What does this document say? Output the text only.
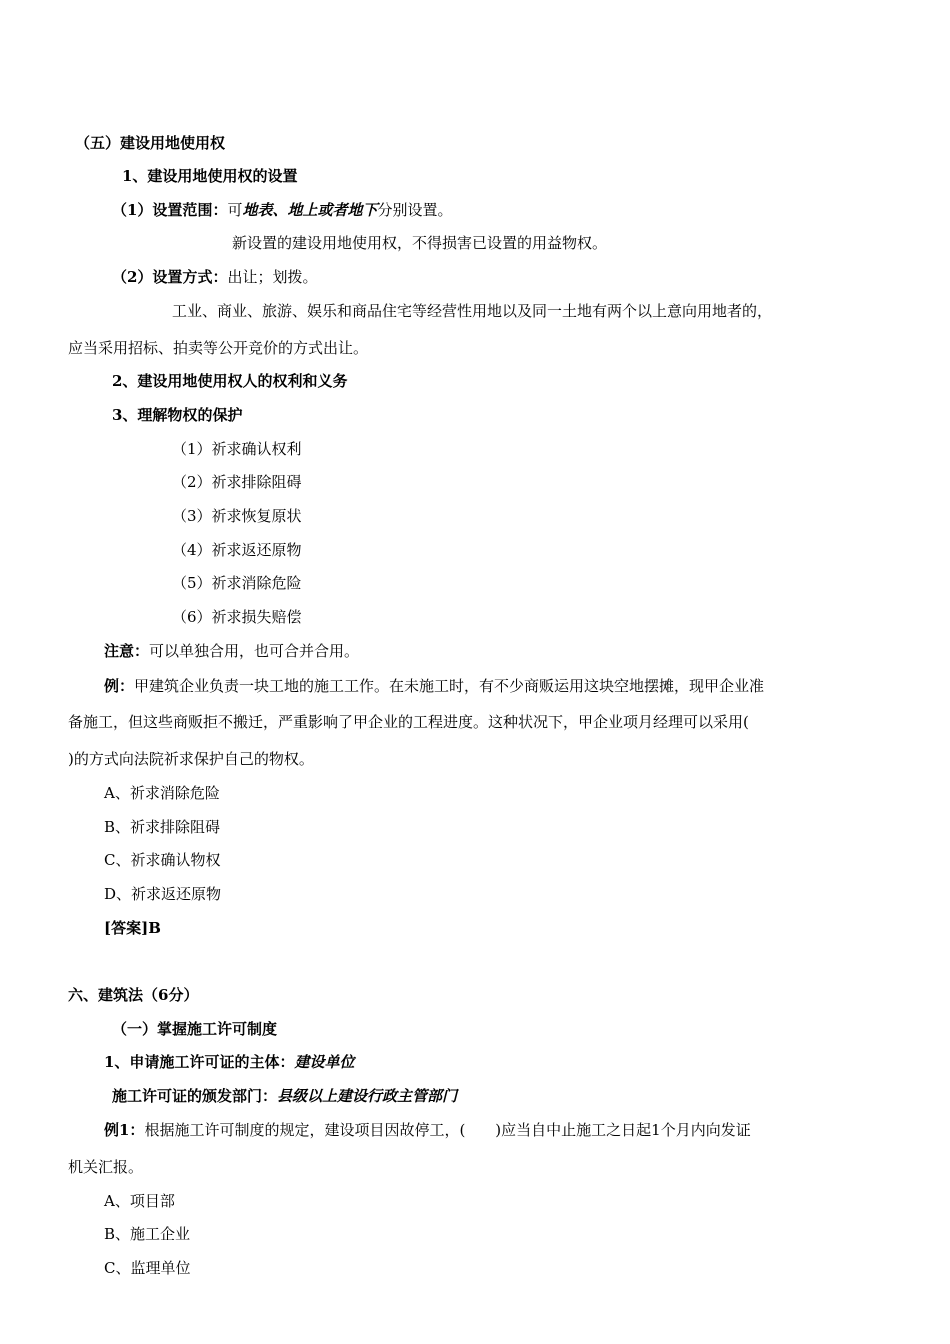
（五）建设用地使用权
1、建设用地使用权的设置
（1）设置范围：可地表、地上或者地下分别设置。
新设置的建设用地使用权，不得损害已设置的用益物权。
（2）设置方式：出让；划拨。
工业、商业、旅游、娱乐和商品住宅等经营性用地以及同一土地有两个以上意向用地者的，
应当采用招标、拍卖等公开竞价的方式出让。
2、建设用地使用权人的权利和义务
3、理解物权的保护
（1）祈求确认权利
（2）祈求排除阻碍
（3）祈求恢复原状
（4）祈求返还原物
（5）祈求消除危险
（6）祈求损失赔偿
注意：可以单独合用，也可合并合用。
例：甲建筑企业负责一块工地的施工工作。在未施工时，有不少商贩运用这块空地摆摊，现甲企业准
备施工，但这些商贩拒不搬迁，严重影响了甲企业的工程进度。这种状况下，甲企业项月经理可以采用(
)的方式向法院祈求保护自己的物权。
A、祈求消除危险
B、祈求排除阻碍
C、祈求确认物权
D、祈求返还原物
[答案]B
六、建筑法（6分）
（一）掌握施工许可制度
1、申请施工许可证的主体：建设单位
施工许可证的颁发部门：县级以上建设行政主管部门
例1：根据施工许可制度的规定，建设项目因故停工，(　　)应当自中止施工之日起1个月内向发证
机关汇报。
A、项目部
B、施工企业
C、监理单位
